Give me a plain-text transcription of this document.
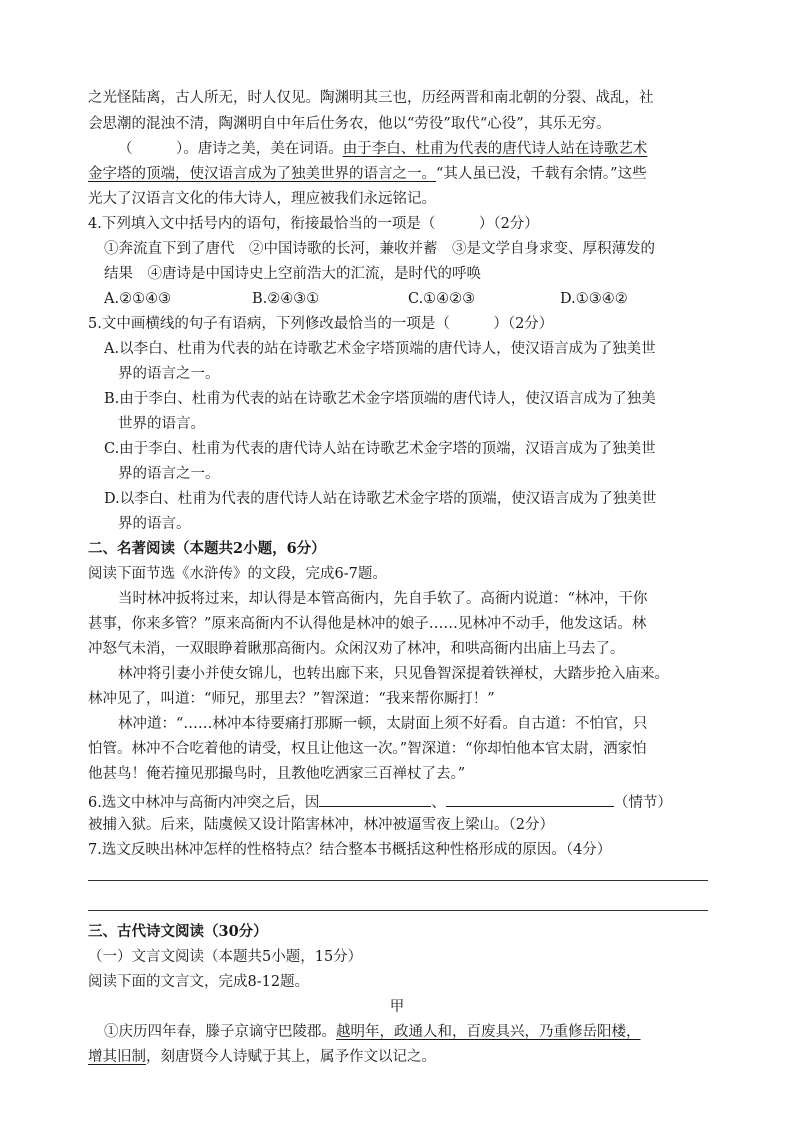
之光怪陆离，古人所无，时人仅见。陶渊明其三也，历经两晋和南北朝的分裂、战乱，社
会思潮的混浊不清，陶渊明自中年后仕务农，他以“劳役”取代“心役”，其乐无穷。
（　　　）。唐诗之美，美在词语。由于李白、杜甫为代表的唐代诗人站在诗歌艺术
金字塔的顶端，使汉语言成为了独美世界的语言之一。“其人虽已没，千载有余情。”这些
光大了汉语言文化的伟大诗人，理应被我们永远铭记。
4.下列填入文中括号内的语句，衔接最恰当的一项是（　　　）（2分）
①奔流直下到了唐代　②中国诗歌的长河，兼收并蓄　③是文学自身求变、厚积薄发的
结果　④唐诗是中国诗史上空前浩大的汇流，是时代的呼唤
A.②①④③	B.②④③①	C.①④②③	D.①③④②
5.文中画横线的句子有语病，下列修改最恰当的一项是（　　　）（2分）
A.以李白、杜甫为代表的站在诗歌艺术金字塔顶端的唐代诗人，使汉语言成为了独美世
界的语言之一。
B.由于李白、杜甫为代表的站在诗歌艺术金字塔顶端的唐代诗人，使汉语言成为了独美
世界的语言。
C.由于李白、杜甫为代表的唐代诗人站在诗歌艺术金字塔的顶端，汉语言成为了独美世
界的语言之一。
D.以李白、杜甫为代表的唐代诗人站在诗歌艺术金字塔的顶端，使汉语言成为了独美世
界的语言。
二、名著阅读（本题共2小题，6分）
阅读下面节选《水浒传》的文段，完成6-7题。
当时林冲扳将过来，却认得是本管高衙内，先自手软了。高衙内说道：“林冲，干你
甚事，你来多管？”原来高衙内不认得他是林冲的娘子……见林冲不动手，他发这话。林
冲怒气未消，一双眼睁着瞅那高衙内。众闲汉劝了林冲，和哄高衙内出庙上马去了。
林冲将引妻小并使女锦儿，也转出廊下来，只见鲁智深提着铁禅杖，大踏步抢入庙来。
林冲见了，叫道：“师兄，那里去？”智深道：“我来帮你厮打！”
林冲道：“……林冲本待要痛打那厮一顿，太尉面上须不好看。自古道：不怕官，只
怕管。林冲不合吃着他的请受，权且让他这一次。”智深道：“你却怕他本官太尉，洒家怕
他甚鸟！俺若撞见那撮鸟时，且教他吃洒家三百禅杖了去。”
6.选文中林冲与高衙内冲突之后，因	、	（情节）
被捕入狱。后来，陆虞候又设计陷害林冲，林冲被逼雪夜上梁山。（2分）
7.选文反映出林冲怎样的性格特点？结合整本书概括这种性格形成的原因。（4分）
三、古代诗文阅读（30分）
（一）文言文阅读（本题共5小题，15分）
阅读下面的文言文，完成8-12题。
甲
①庆历四年春，滕子京谪守巴陵郡。越明年，政通人和，百废具兴，乃重修岳阳楼，
增其旧制，刻唐贤今人诗赋于其上，属予作文以记之。
